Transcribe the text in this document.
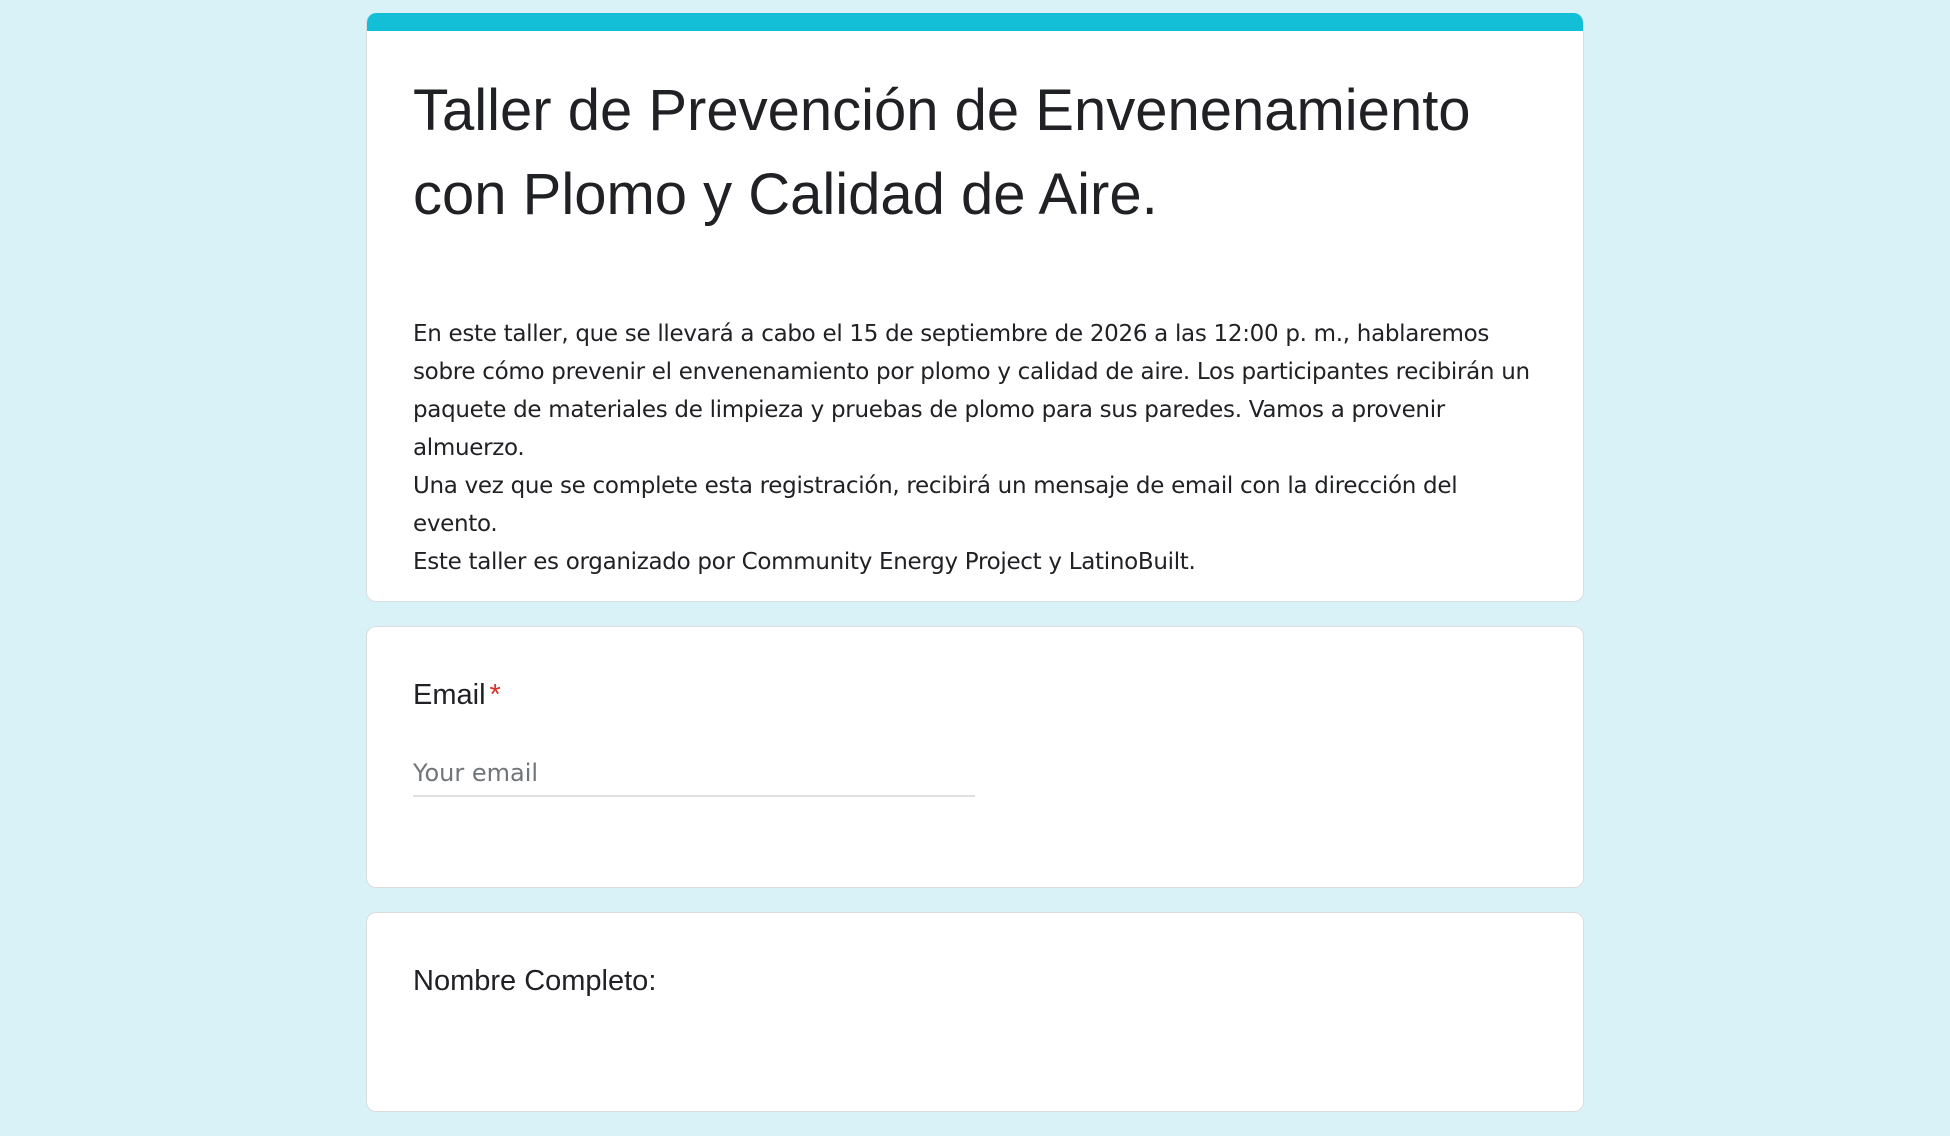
Taller de Prevención de Envenenamiento con Plomo y Calidad de Aire.

En este taller, que se llevará a cabo el 15 de septiembre de 2026 a las 12:00 p. m., hablaremos sobre cómo prevenir el envenenamiento por plomo y calidad de aire. Los participantes recibirán un paquete de materiales de limpieza y pruebas de plomo para sus paredes. Vamos a provenir almuerzo.

Una vez que se complete esta registración, recibirá un mensaje de email con la dirección del evento.

Este taller es organizado por Community Energy Project y LatinoBuilt.

Email *
Your email
Nombre Completo:
